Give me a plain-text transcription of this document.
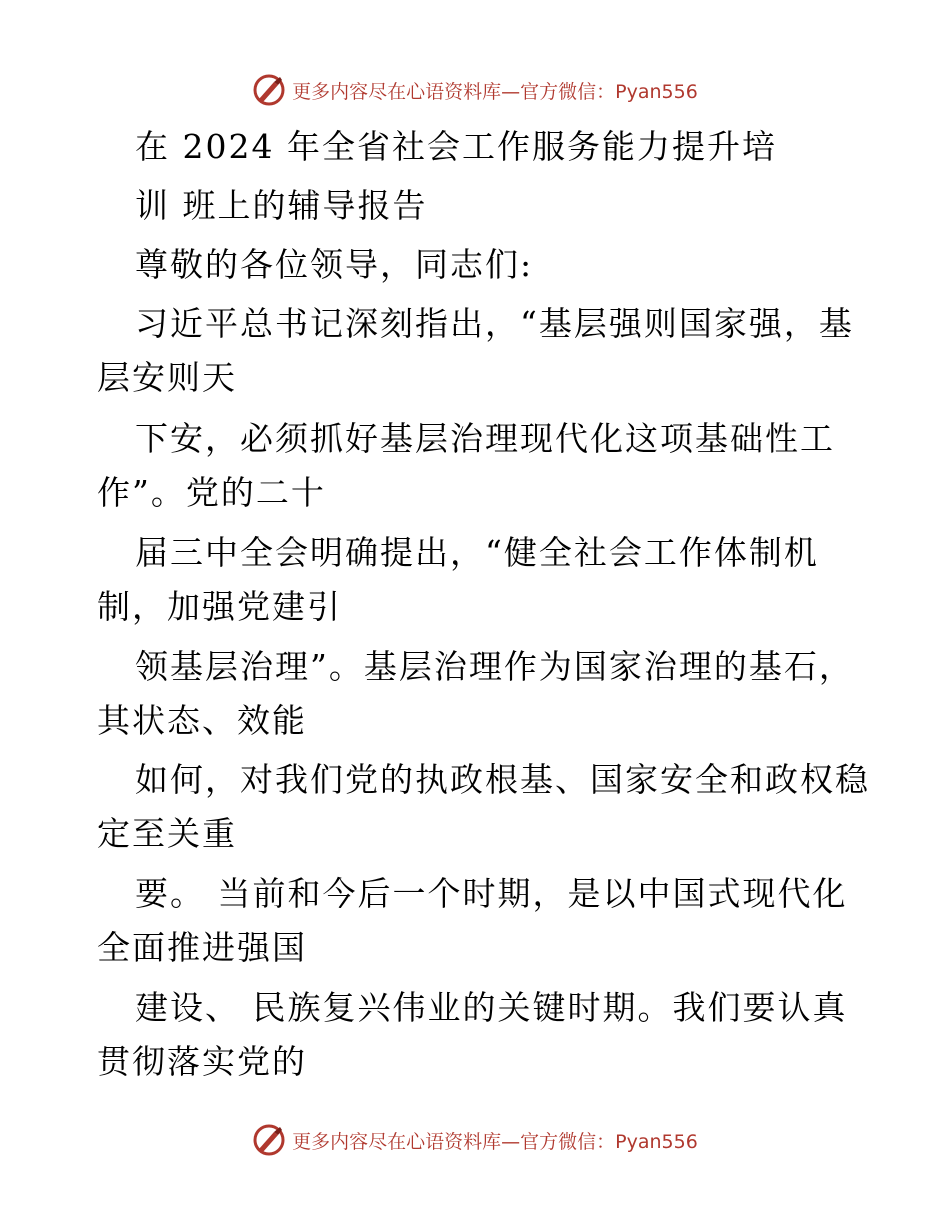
更多内容尽在心语资料库—官方微信：Pyan556

在 2024 年全省社会工作服务能力提升培

训 班上的辅导报告

尊敬的各位领导，同志们:

习近平总书记深刻指出，“基层强则国家强，基

层安则天

下安，必须抓好基层治理现代化这项基础性工

作”。党的二十

届三中全会明确提出，“健全社会工作体制机

制，加强党建引

领基层治理”。基层治理作为国家治理的基石，

其状态、效能

如何，对我们党的执政根基、国家安全和政权稳

定至关重

要。 当前和今后一个时期，是以中国式现代化

全面推进强国

建设、 民族复兴伟业的关键时期。我们要认真

贯彻落实党的

更多内容尽在心语资料库—官方微信：Pyan556
